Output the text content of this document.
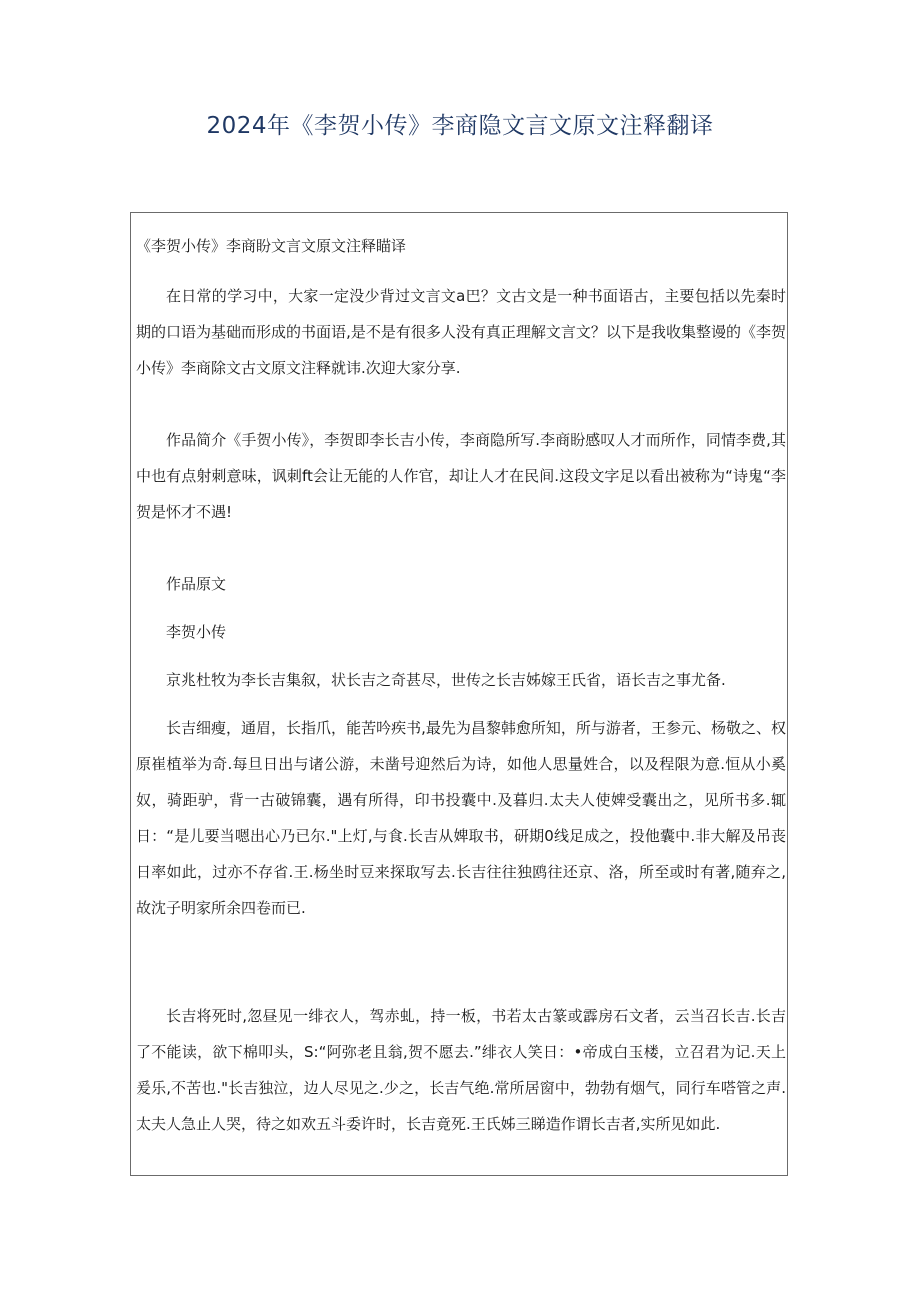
2024年《李贺小传》李商隐文言文原文注释翻译

《李贺小传》李商盼文言文原文注释瞄译

在日常的学习中，大家一定没少背过文言文a巴？文古文是一种书面语古，主要包括以先秦时期的口语为基础而形成的书面语,是不是有很多人没有真正理解文言文？以下是我收集整谩的《李贺小传》李商除文古文原文注释就讳.次迎大家分享.

作品简介《手贺小传》，李贺即李长吉小传，李商隐所写.李商盼感叹人才而所作，同情李费,其中也有点射刺意味，讽刺ft会让无能的人作官，却让人才在民间.这段文字足以看出被称为“诗鬼“李贺是怀才不遇!

作品原文

李贺小传

京兆杜牧为李长吉集叙，状长吉之奇甚尽，世传之长吉姊嫁王氏省，语长吉之事尤备.

长吉细瘦，通眉，长指爪，能苦吟疾书,最先为昌黎韩愈所知，所与游者，王参元、杨敬之、权原崔植举为奇.每旦日出与诸公游，未凿号迎然后为诗，如他人思量姓合，以及程限为意.恒从小奚奴，骑距驴，背一古破锦囊，遇有所得，印书投囊中.及暮归.太夫人使婢受囊出之，见所书多.辄日：“是儿要当嗯出心乃已尔."上灯,与食.长吉从婢取书，研期0线足成之，投他囊中.非大解及吊丧日率如此，过亦不存省.王.杨坐时豆来探取写去.长吉往往独鸥往还京、洛，所至或时有著,随弃之,故沈子明家所余四卷而已.

长吉将死时,忽昼见一绯衣人，驾赤虬，持一板，书若太古篆或霹房石文者，云当召长吉.长吉了不能读，欲下棉叩头，S:“阿弥老且翁,贺不愿去.”绯衣人笑日：•帝成白玉楼，立召君为记.天上爰乐,不苦也."长吉独泣，边人尽见之.少之，长吉气绝.常所居窗中，勃勃有烟气，同行车嗒管之声.太夫人急止人哭，待之如欢五斗委许时，长吉竟死.王氏姊三睇造作谓长吉者,实所见如此.
